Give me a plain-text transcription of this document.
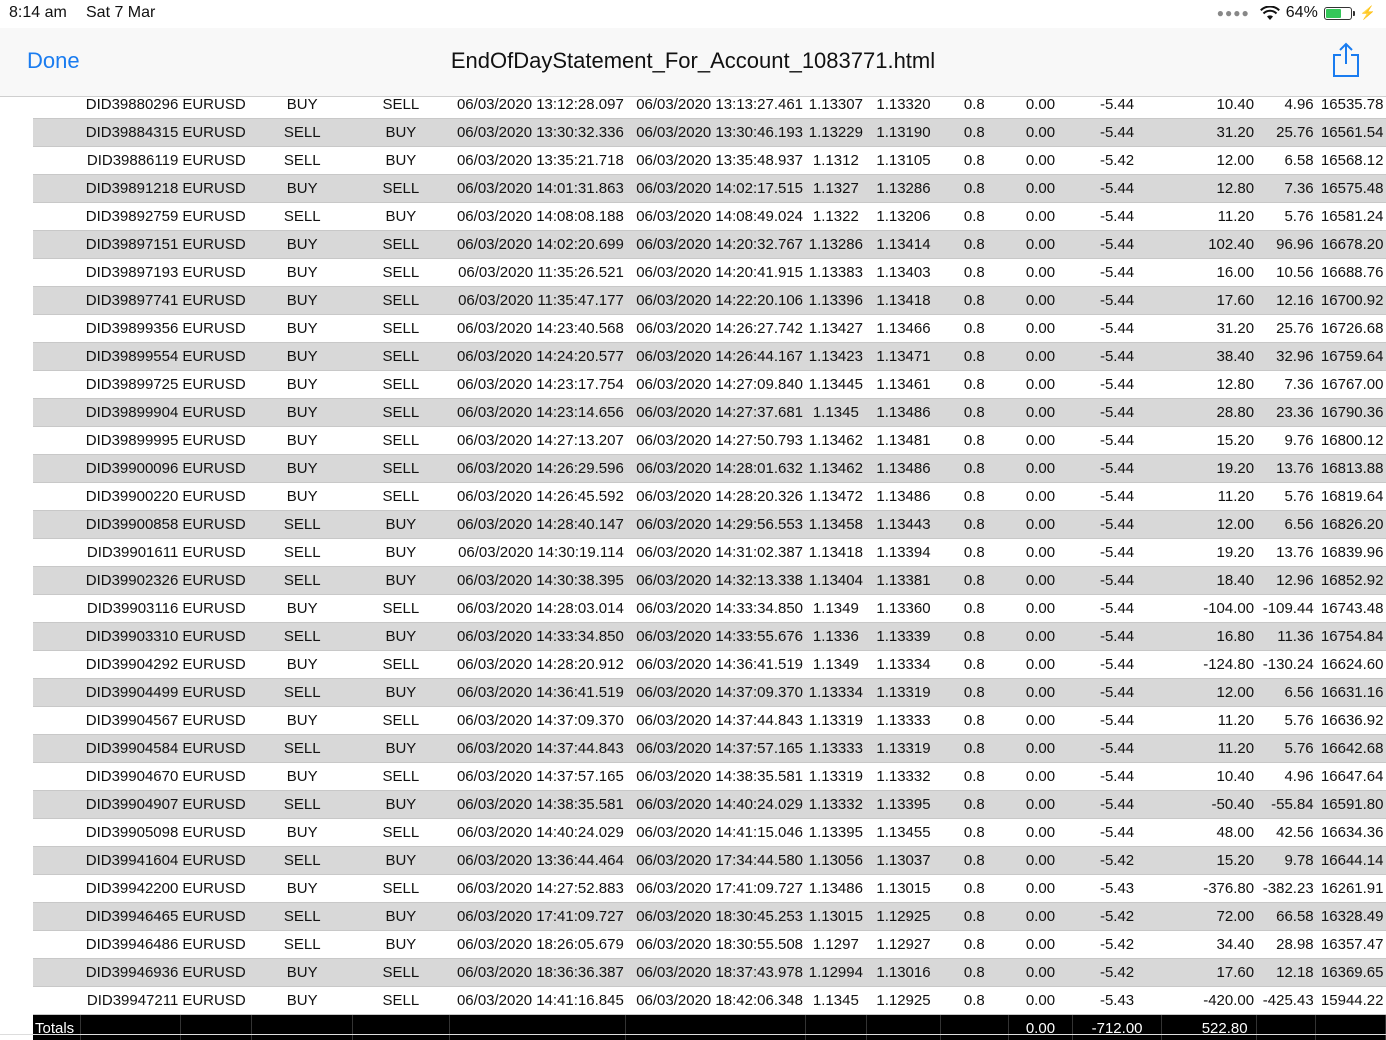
8:14 am Sat 7 Mar	●●●● 64%	⚡
Done	EndOfDayStatement_For_Account_1083771.html
	DID39880296	EURUSD	BUY	SELL	06/03/2020 13:12:28.097	06/03/2020 13:13:27.461	1.13307	1.13320	0.8	0.00	-5.44	10.40	4.96	16535.78
	DID39884315	EURUSD	SELL	BUY	06/03/2020 13:30:32.336	06/03/2020 13:30:46.193	1.13229	1.13190	0.8	0.00	-5.44	31.20	25.76	16561.54
	DID39886119	EURUSD	SELL	BUY	06/03/2020 13:35:21.718	06/03/2020 13:35:48.937	1.1312	1.13105	0.8	0.00	-5.42	12.00	6.58	16568.12
	DID39891218	EURUSD	BUY	SELL	06/03/2020 14:01:31.863	06/03/2020 14:02:17.515	1.1327	1.13286	0.8	0.00	-5.44	12.80	7.36	16575.48
	DID39892759	EURUSD	SELL	BUY	06/03/2020 14:08:08.188	06/03/2020 14:08:49.024	1.1322	1.13206	0.8	0.00	-5.44	11.20	5.76	16581.24
	DID39897151	EURUSD	BUY	SELL	06/03/2020 14:02:20.699	06/03/2020 14:20:32.767	1.13286	1.13414	0.8	0.00	-5.44	102.40	96.96	16678.20
	DID39897193	EURUSD	BUY	SELL	06/03/2020 11:35:26.521	06/03/2020 14:20:41.915	1.13383	1.13403	0.8	0.00	-5.44	16.00	10.56	16688.76
	DID39897741	EURUSD	BUY	SELL	06/03/2020 11:35:47.177	06/03/2020 14:22:20.106	1.13396	1.13418	0.8	0.00	-5.44	17.60	12.16	16700.92
	DID39899356	EURUSD	BUY	SELL	06/03/2020 14:23:40.568	06/03/2020 14:26:27.742	1.13427	1.13466	0.8	0.00	-5.44	31.20	25.76	16726.68
	DID39899554	EURUSD	BUY	SELL	06/03/2020 14:24:20.577	06/03/2020 14:26:44.167	1.13423	1.13471	0.8	0.00	-5.44	38.40	32.96	16759.64
	DID39899725	EURUSD	BUY	SELL	06/03/2020 14:23:17.754	06/03/2020 14:27:09.840	1.13445	1.13461	0.8	0.00	-5.44	12.80	7.36	16767.00
	DID39899904	EURUSD	BUY	SELL	06/03/2020 14:23:14.656	06/03/2020 14:27:37.681	1.1345	1.13486	0.8	0.00	-5.44	28.80	23.36	16790.36
	DID39899995	EURUSD	BUY	SELL	06/03/2020 14:27:13.207	06/03/2020 14:27:50.793	1.13462	1.13481	0.8	0.00	-5.44	15.20	9.76	16800.12
	DID39900096	EURUSD	BUY	SELL	06/03/2020 14:26:29.596	06/03/2020 14:28:01.632	1.13462	1.13486	0.8	0.00	-5.44	19.20	13.76	16813.88
	DID39900220	EURUSD	BUY	SELL	06/03/2020 14:26:45.592	06/03/2020 14:28:20.326	1.13472	1.13486	0.8	0.00	-5.44	11.20	5.76	16819.64
	DID39900858	EURUSD	SELL	BUY	06/03/2020 14:28:40.147	06/03/2020 14:29:56.553	1.13458	1.13443	0.8	0.00	-5.44	12.00	6.56	16826.20
	DID39901611	EURUSD	SELL	BUY	06/03/2020 14:30:19.114	06/03/2020 14:31:02.387	1.13418	1.13394	0.8	0.00	-5.44	19.20	13.76	16839.96
	DID39902326	EURUSD	SELL	BUY	06/03/2020 14:30:38.395	06/03/2020 14:32:13.338	1.13404	1.13381	0.8	0.00	-5.44	18.40	12.96	16852.92
	DID39903116	EURUSD	BUY	SELL	06/03/2020 14:28:03.014	06/03/2020 14:33:34.850	1.1349	1.13360	0.8	0.00	-5.44	-104.00	-109.44	16743.48
	DID39903310	EURUSD	SELL	BUY	06/03/2020 14:33:34.850	06/03/2020 14:33:55.676	1.1336	1.13339	0.8	0.00	-5.44	16.80	11.36	16754.84
	DID39904292	EURUSD	BUY	SELL	06/03/2020 14:28:20.912	06/03/2020 14:36:41.519	1.1349	1.13334	0.8	0.00	-5.44	-124.80	-130.24	16624.60
	DID39904499	EURUSD	SELL	BUY	06/03/2020 14:36:41.519	06/03/2020 14:37:09.370	1.13334	1.13319	0.8	0.00	-5.44	12.00	6.56	16631.16
	DID39904567	EURUSD	BUY	SELL	06/03/2020 14:37:09.370	06/03/2020 14:37:44.843	1.13319	1.13333	0.8	0.00	-5.44	11.20	5.76	16636.92
	DID39904584	EURUSD	SELL	BUY	06/03/2020 14:37:44.843	06/03/2020 14:37:57.165	1.13333	1.13319	0.8	0.00	-5.44	11.20	5.76	16642.68
	DID39904670	EURUSD	BUY	SELL	06/03/2020 14:37:57.165	06/03/2020 14:38:35.581	1.13319	1.13332	0.8	0.00	-5.44	10.40	4.96	16647.64
	DID39904907	EURUSD	SELL	BUY	06/03/2020 14:38:35.581	06/03/2020 14:40:24.029	1.13332	1.13395	0.8	0.00	-5.44	-50.40	-55.84	16591.80
	DID39905098	EURUSD	BUY	SELL	06/03/2020 14:40:24.029	06/03/2020 14:41:15.046	1.13395	1.13455	0.8	0.00	-5.44	48.00	42.56	16634.36
	DID39941604	EURUSD	SELL	BUY	06/03/2020 13:36:44.464	06/03/2020 17:34:44.580	1.13056	1.13037	0.8	0.00	-5.42	15.20	9.78	16644.14
	DID39942200	EURUSD	BUY	SELL	06/03/2020 14:27:52.883	06/03/2020 17:41:09.727	1.13486	1.13015	0.8	0.00	-5.43	-376.80	-382.23	16261.91
	DID39946465	EURUSD	SELL	BUY	06/03/2020 17:41:09.727	06/03/2020 18:30:45.253	1.13015	1.12925	0.8	0.00	-5.42	72.00	66.58	16328.49
	DID39946486	EURUSD	SELL	BUY	06/03/2020 18:26:05.679	06/03/2020 18:30:55.508	1.1297	1.12927	0.8	0.00	-5.42	34.40	28.98	16357.47
	DID39946936	EURUSD	BUY	SELL	06/03/2020 18:36:36.387	06/03/2020 18:37:43.978	1.12994	1.13016	0.8	0.00	-5.42	17.60	12.18	16369.65
	DID39947211	EURUSD	BUY	SELL	06/03/2020 14:41:16.845	06/03/2020 18:42:06.348	1.1345	1.12925	0.8	0.00	-5.43	-420.00	-425.43	15944.22
Totals										0.00	-712.00	522.80		
